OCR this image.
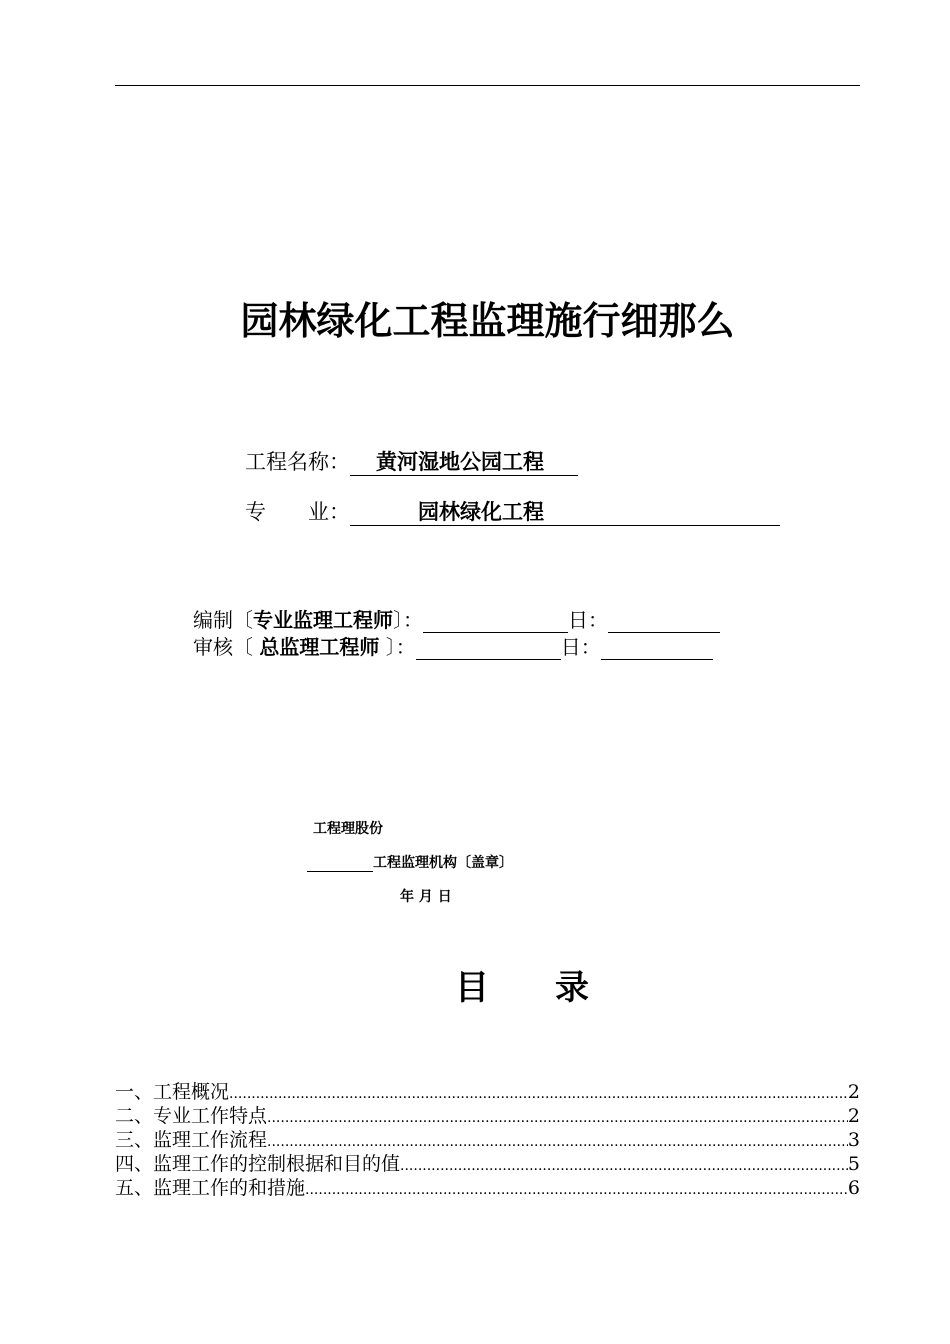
园林绿化工程监理施行细那么
工程名称： 黄河湿地公园工程
专　　业：	园林绿化工程
编制〔专业监理工程师〕：	日：
审核〔 总监理工程师 〕：	日：
工程理股份
工程监理机构〔盖章〕
年 月 日
目 录
一、工程概况 .....	2
二、专业工作特点 .....	2
三、监理工作流程 .....	3
四、监理工作的控制根据和目的值 .....	5
五、监理工作的和措施 .....	6
